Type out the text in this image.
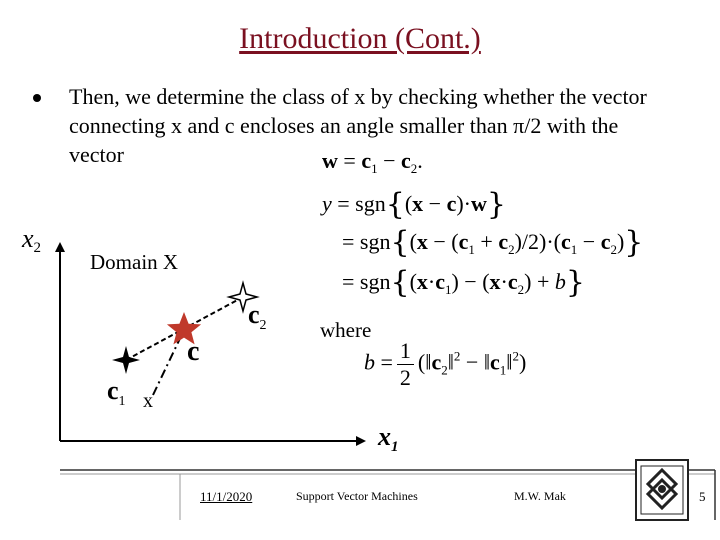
Introduction (Cont.)
Then, we determine the class of x by checking whether the vector connecting x and c encloses an angle smaller than π/2 with the vector	$w = c_1 - c_2$.
y = sgn{(x − c)·w}
= $sgn\{(x - (c_1 + c_2)/2)\cdot(c_1 - c_2)\}$
= $sgn\{(x\cdot c_1) - (x\cdot c_2) + b\}$
where
$b = \frac{1}{2}$ ($‖c_2‖^2$ − $‖c_1‖^2$)
x2
$x_1$
Domain X
$c_2$
c
$c_1$ x
11/1/2020	Support Vector Machines	M.W. Mak	5
